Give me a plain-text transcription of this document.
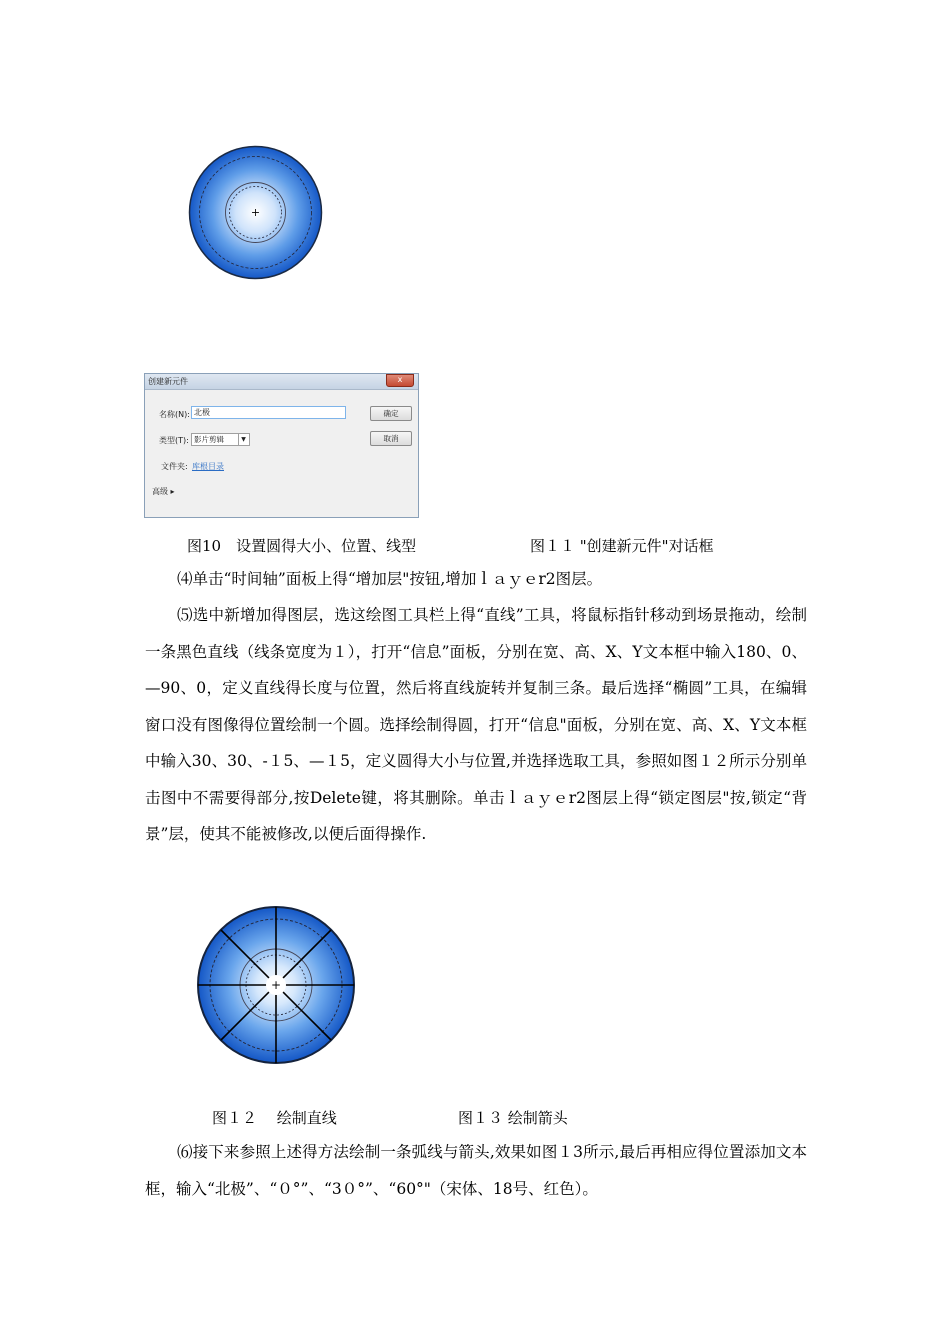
+
创建新元件	x
名称(N): 北极	确定
类型(T): 影片剪辑	▼	取消
文件夹: 库根目录
高级 ▸
图10　设置圆得大小、位置、线型	图１１ "创建新元件"对话框

⑷单击“时间轴”面板上得“增加层"按钮,增加ｌａｙｅr2图层。

⑸选中新增加得图层，选这绘图工具栏上得“直线”工具，将鼠标指针移动到场景拖动，绘制一条黑色直线（线条宽度为１），打开“信息”面板，分别在宽、高、X、Y文本框中输入180、0、—90、0，定义直线得长度与位置，然后将直线旋转并复制三条。最后选择“椭圆”工具，在编辑窗口没有图像得位置绘制一个圆。选择绘制得圆，打开“信息"面板，分别在宽、高、X、Y文本框中输入30、30、-１5、—１5，定义圆得大小与位置,并选择选取工具，参照如图１２所示分别单击图中不需要得部分,按Delete键，将其删除。单击ｌａｙｅr2图层上得“锁定图层"按,锁定“背景”层，使其不能被修改,以便后面得操作.

+
图１２　 绘制直线	图１３ 绘制箭头

⑹接下来参照上述得方法绘制一条弧线与箭头,效果如图１3所示,最后再相应得位置添加文本框，输入“北极”、“０°”、“3０°”、“60°"（宋体、18号、红色）。
